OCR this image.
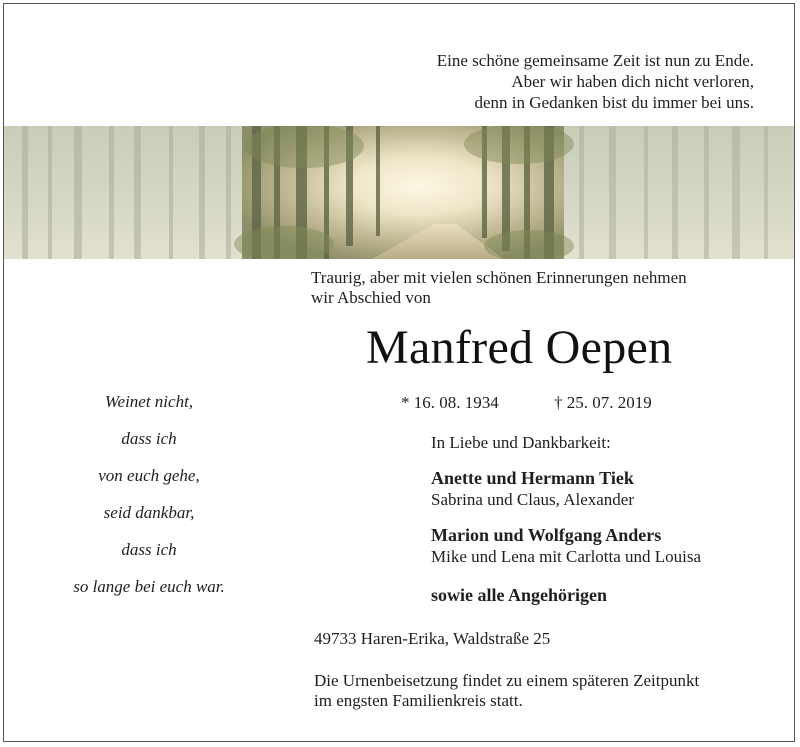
Eine schöne gemeinsame Zeit ist nun zu Ende.
Aber wir haben dich nicht verloren,
denn in Gedanken bist du immer bei uns.
Traurig, aber mit vielen schönen Erinnerungen nehmen
wir Abschied von
Manfred Oepen
* 16. 08. 1934	† 25. 07. 2019
Weinet nicht,
dass ich
von euch gehe,
seid dankbar,
dass ich
so lange bei euch war.
In Liebe und Dankbarkeit:
Anette und Hermann Tiek
Sabrina und Claus, Alexander
Marion und Wolfgang Anders
Mike und Lena mit Carlotta und Louisa
sowie alle Angehörigen
49733 Haren-Erika, Waldstraße 25
Die Urnenbeisetzung findet zu einem späteren Zeitpunkt
im engsten Familienkreis statt.
